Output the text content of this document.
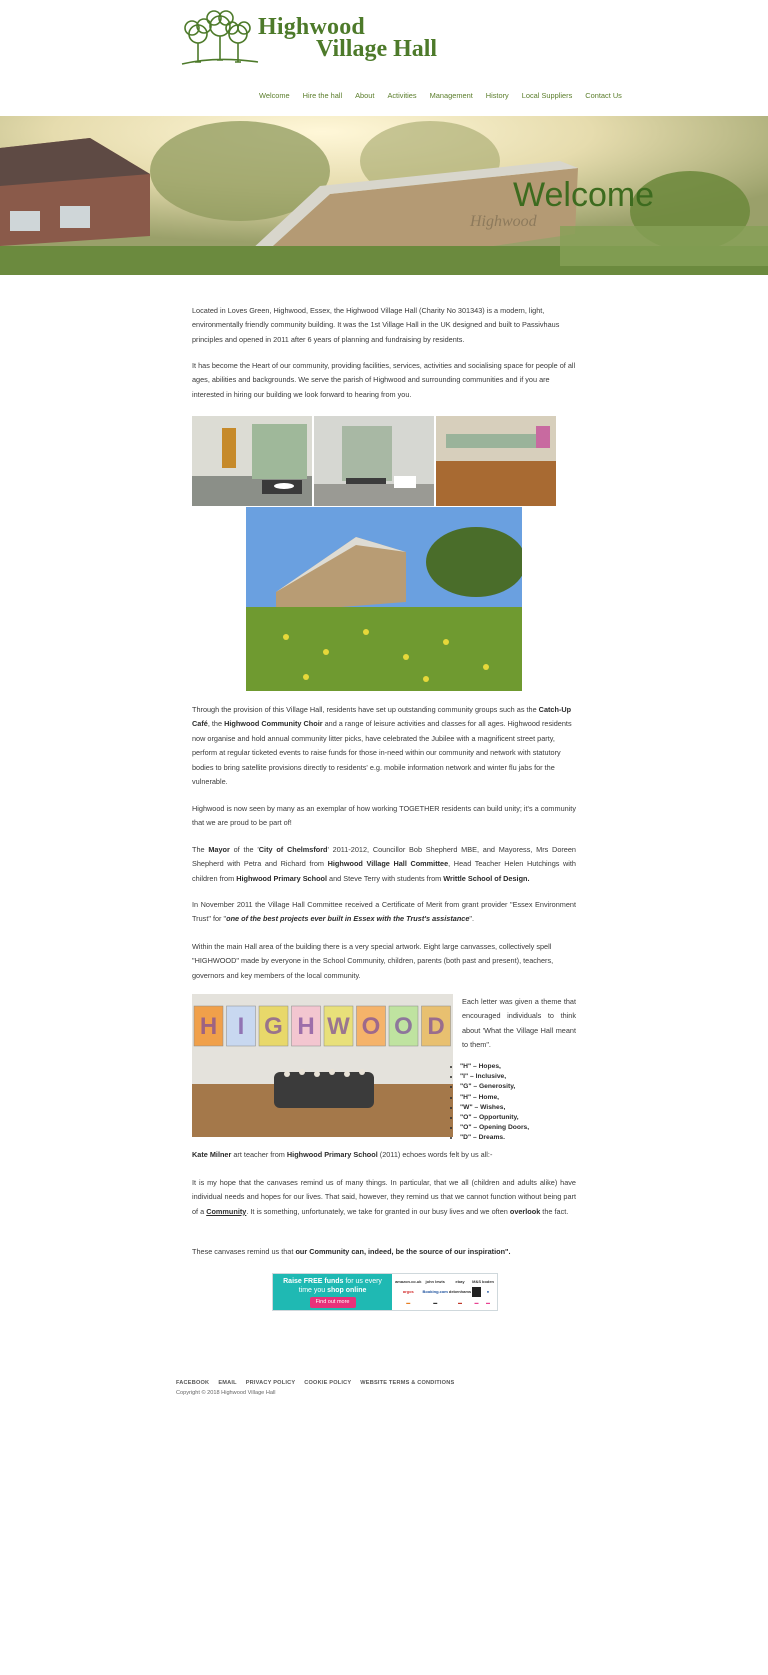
Highwood
Village Hall
Welcome Hire the hall About Activities Management History Local Suppliers Contact Us
Highwood
Welcome

Located in Loves Green, Highwood, Essex, the Highwood Village Hall (Charity No 301343) is a modern, light, environmentally friendly community building. It was the 1st Village Hall in the UK designed and built to Passivhaus principles and opened in 2011 after 6 years of planning and fundraising by residents.

It has become the Heart of our community, providing facilities, services, activities and socialising space for people of all ages, abilities and backgrounds. We serve the parish of Highwood and surrounding communities and if you are interested in hiring our building we look forward to hearing from you.

Through the provision of this Village Hall, residents have set up outstanding community groups such as the Catch-Up Café, the Highwood Community Choir and a range of leisure activities and classes for all ages. Highwood residents now organise and hold annual community litter picks, have celebrated the Jubilee with a magnificent street party, perform at regular ticketed events to raise funds for those in-need within our community and network with statutory bodies to bring satellite provisions directly to residents' e.g. mobile information network and winter flu jabs for the vulnerable.

Highwood is now seen by many as an exemplar of how working TOGETHER residents can build unity; it's a community that we are proud to be part of!

The Mayor of the 'City of Chelmsford' 2011-2012, Councillor Bob Shepherd MBE, and Mayoress, Mrs Doreen Shepherd with Petra and Richard from Highwood Village Hall Committee, Head Teacher Helen Hutchings with children from Highwood Primary School and Steve Terry with students from Writtle School of Design.

In November 2011 the Village Hall Committee received a Certificate of Merit from grant provider "Essex Environment Trust" for "one of the best projects ever built in Essex with the Trust's assistance".

Within the main Hall area of the building there is a very special artwork. Eight large canvasses, collectively spell "HIGHWOOD" made by everyone in the School Community, children, parents (both past and present), teachers, governors and key members of the local community.

H I G H W O O D
Each letter was given a theme that encouraged individuals to think about 'What the Village Hall meant to them".
• "H" – Hopes,
• "I" – Inclusive,
• "G" – Generosity,
• "H" – Home,
• "W" – Wishes,
• "O" – Opportunity,
• "O" – Opening Doors,
• "D" – Dreams.

Kate Milner art teacher from Highwood Primary School (2011) echoes words felt by us all:-

It is my hope that the canvases remind us of many things. In particular, that we all (children and adults alike) have individual needs and hopes for our lives. That said, however, they remind us that we cannot function without being part of a Community. It is something, unfortunately, we take for granted in our busy lives and we often overlook the fact.

These canvases remind us that our Community can, indeed, be the source of our inspiration".

Raise FREE funds for us every
time you shop online
Find out more
amazon.co.uk	john lewis	ebay	M&S boden
argos	Booking.com debenhams	●
▬	▬	▬	▬	▬
FACEBOOK EMAIL PRIVACY POLICY COOKIE POLICY WEBSITE TERMS & CONDITIONS
Copyright © 2018 Highwood Village Hall
